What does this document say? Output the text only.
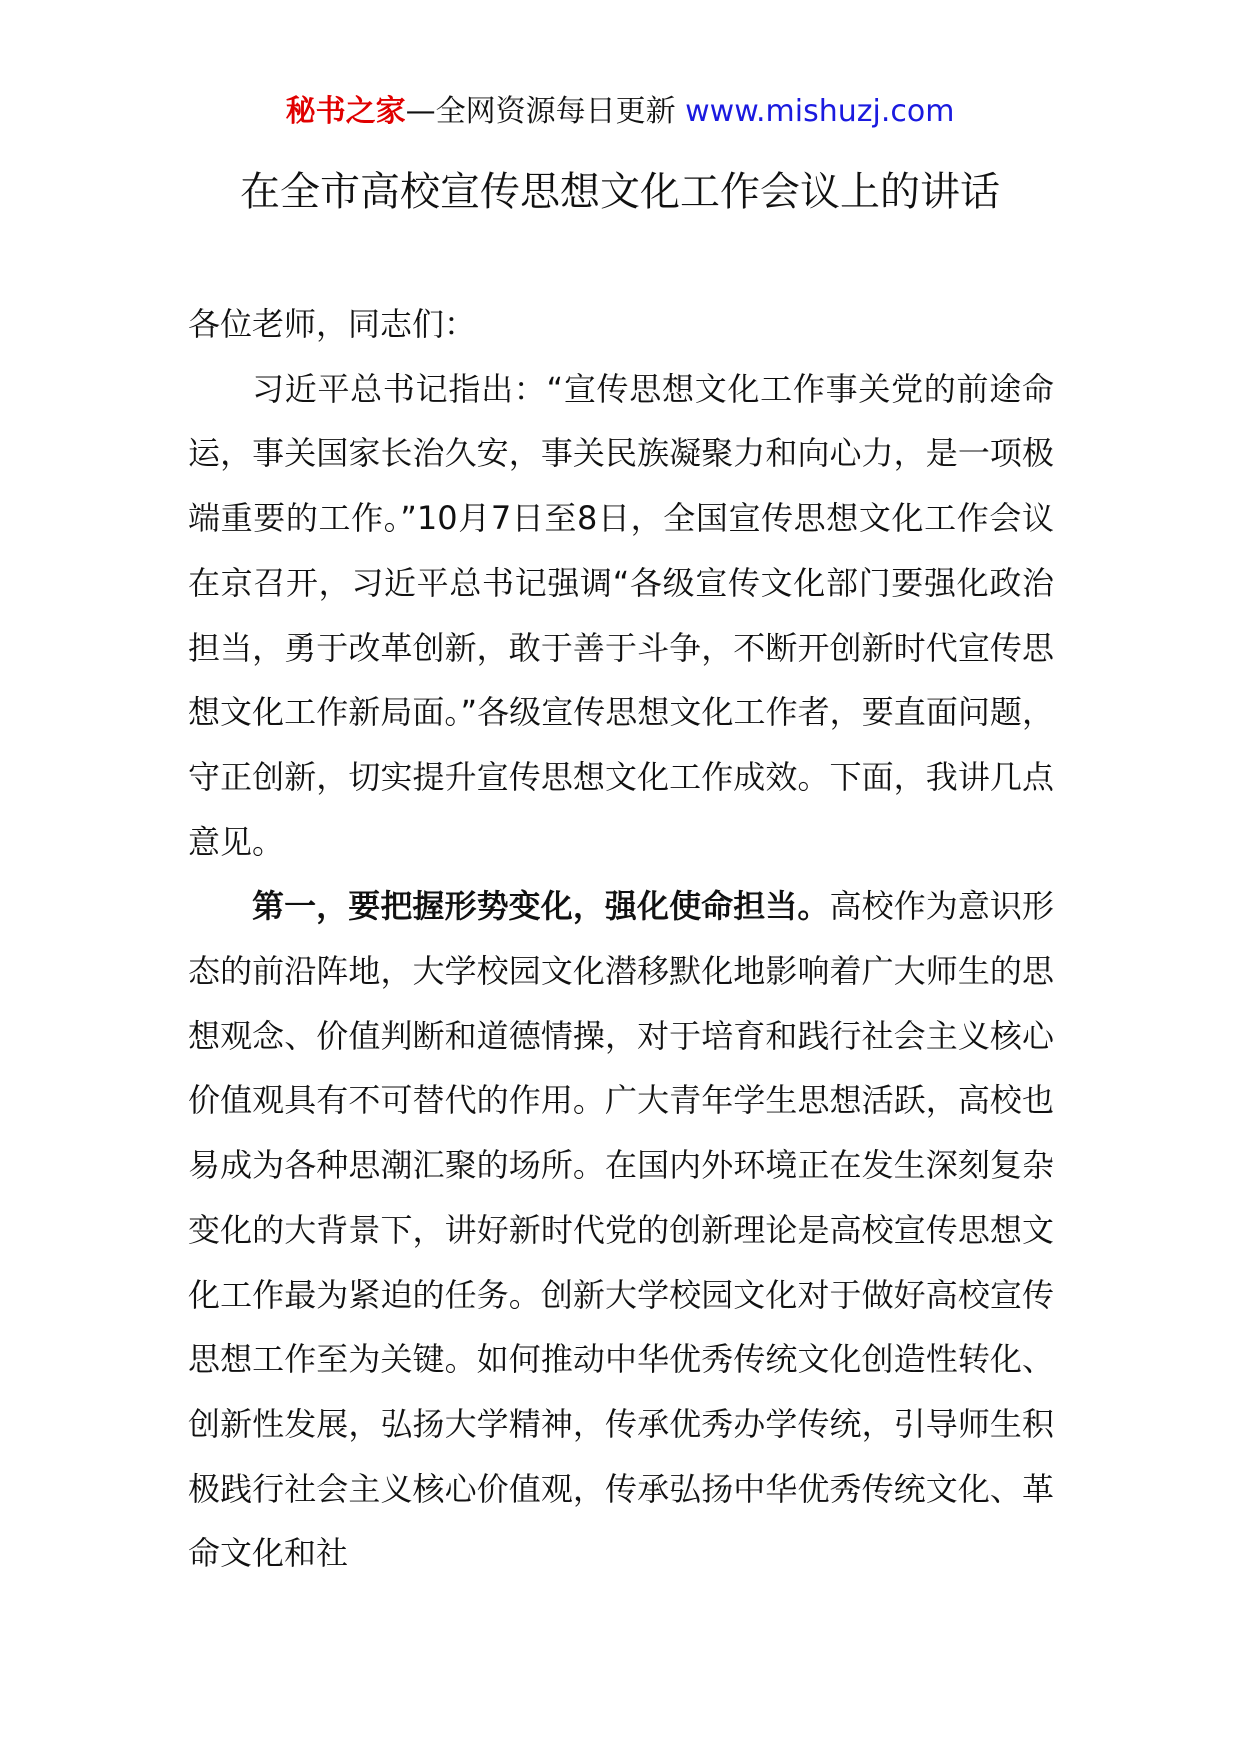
秘书之家—全网资源每日更新 www.mishuzj.com
在全市高校宣传思想文化工作会议上的讲话

各位老师，同志们：

习近平总书记指出：“宣传思想文化工作事关党的前途命运，事关国家长治久安，事关民族凝聚力和向心力，是一项极端重要的工作。”10月7日至8日，全国宣传思想文化工作会议在京召开，习近平总书记强调“各级宣传文化部门要强化政治担当，勇于改革创新，敢于善于斗争，不断开创新时代宣传思想文化工作新局面。”各级宣传思想文化工作者，要直面问题，守正创新，切实提升宣传思想文化工作成效。下面，我讲几点意见。

第一，要把握形势变化，强化使命担当。高校作为意识形态的前沿阵地，大学校园文化潜移默化地影响着广大师生的思想观念、价值判断和道德情操，对于培育和践行社会主义核心价值观具有不可替代的作用。广大青年学生思想活跃，高校也易成为各种思潮汇聚的场所。在国内外环境正在发生深刻复杂变化的大背景下，讲好新时代党的创新理论是高校宣传思想文化工作最为紧迫的任务。创新大学校园文化对于做好高校宣传思想工作至为关键。如何推动中华优秀传统文化创造性转化、创新性发展，弘扬大学精神，传承优秀办学传统，引导师生积极践行社会主义核心价值观，传承弘扬中华优秀传统文化、革命文化和社
